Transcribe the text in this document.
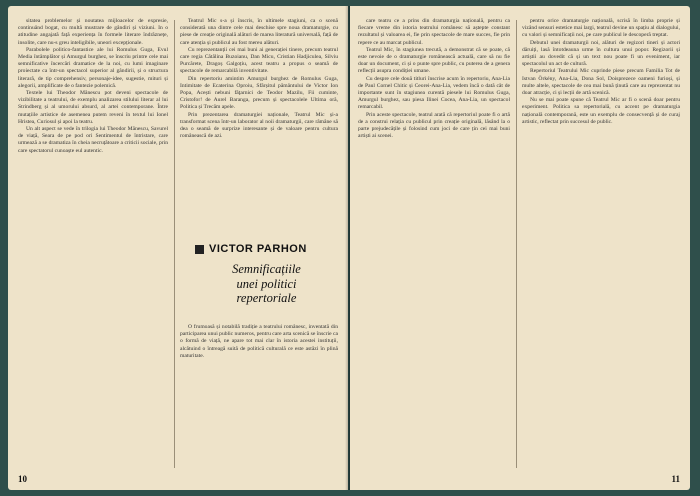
sitatea problemelor și noutatea mijloacelor de expresie, continuând bogat, cu multă mustrare de gândiri și viziuni. In o atitudine angajată față experiența în formele literare îndrăznețe, insolite, care nu-s greu inteligibile, uneori excepționale.

Parabolele politico-fantastice ale lui Romulus Guga, Evul Media întâmplător și Amurgul burghez, se înscriu printre cele mai semnificative încercări dramatice de la noi, cu lumi imaginare proiectate ca într-un spectacol superior al gândirii, și o structura literară, de tip comprehensiv, personaje-idee, sugestie, mituri și alegorii, amplificate de o fantezie polemică.

Textele lui Theodor Mănescu pot deveni spectacole de vizibilitate a teatrului, de exemplu analizarea stilului literar al lui Strindberg și al umorului absurd, al artei contemporane. Între mutațiile artistice de asemenea putem reveni în textul lui Ionel Hristea, Curiosul și apoi la teatru.

Un alt aspect se vede în trilogia lui Theodor Mănescu, Savurel de viață, Seara de pe pod ori Sentimentul de întristare, care urmează a se dramatiza în cheia necruțătoare a criticii sociale, prin care spectatorul cunoaște eul autentic.

Teatrul Mic s-a și înscris, în ultimele stagiuni, ca o scenă considerată una dintre cele mai deschise spre noua dramaturgie, cu piese de creație originală alături de marea literatură universală, față de care atenția și publicul au fost mereu alături.

Cu reprezentanții cei mai buni ai generației tinere, precum teatrul care regia Cătălina Buzoianu, Dan Micu, Cristian Hadjiculea, Silviu Purcărete, Dragoș Galgoțiu, acest teatru a propus o seamă de spectacole de remarcabilă inventivitate.

Din repertoriu amintim Amurgul burghez de Romulus Guga, Intimitate de Ecaterina Oproiu, Sfârșitul pământului de Victor Ion Popa, Acești nebuni făţarnici de Teodor Mazilu, Fii cuminte, Cristofor! de Aurel Baranga, precum și spectacolele Ultima oră, Politica și Trecăm apele.

Prin prezentarea dramaturgiei naționale, Teatrul Mic și-a transformat scena într-un laborator al noii dramaturgii, care rămâne să dea o seamă de surprize interesante și de valoare pentru cultura românească de azi.

VICTOR PARHON
Semnificațiile
unei politici
repertoriale

O frumoasă și notabilă tradiție a teatrului românesc, inventată din participarea unui public numeros, pentru care arta scenică se înscrie ca o formă de viață, ne apare tot mai clar în istoria acestei instituții, alcătuind o întreagă suită de politică culturală ce este astăzi în plină maturitate.

10

care teatru ce a prins din dramaturgia națională, pentru ca fiecare vreme din istoria teatrului românesc să aștepte constant rezultatul și valoarea ei, fie prin spectacole de mare succes, fie prin repere ce au marcat publicul.

Teatrul Mic, în stagiunea trecută, a demonstrat că se poate, că este nevoie de o dramaturgie românească actuală, care să nu fie doar un document, ci și o punte spre public, cu puterea de a genera reflecții asupra condiției umane.

Cu despre cele două titluri înscrise acum în repertoriu, Ana-Lia de Paul Cornel Chitic și Ceorei-Ana-Lia, vedem încă o dată cât de importante sunt în stagiunea curentă piesele lui Romulus Guga, Amurgul burghez, sau piesa Ilinei Cocea, Ana-Lia, un spectacol remarcabil.

Prin aceste spectacole, teatrul arată că repertoriul poate fi o artă de a construi relația cu publicul prin creație originală, lăsând la o parte prejudecățile și folosind cum joci de care țin cei mai buni artiști ai scenei.

pentru orice dramaturgie națională, scrisă în limba proprie și vizând sensuri estetice mai largi, teatrul devine un spațiu al dialogului, cu valori și semnificații noi, pe care publicul le descoperă treptat.

Debutul unei dramaturgii noi, alături de regizori tineri și actori dăruiți, lasă întotdeauna urme în cultura unui popor. Regizorii și artiștii au dovedit că și un text nou poate fi un eveniment, iar spectacolul un act de cultură.

Repertoriul Teatrului Mic cuprinde piese precum Familia Tot de Istvan Örkény, Ana-Lia, Dona Sol, Doisprezece oameni furioși, și multe altele, spectacole de cea mai bună ținută care au reprezentat nu doar atracție, ci și lecții de artă scenică.

Nu se mai poate spune că Teatrul Mic ar fi o scenă doar pentru experiment. Politica sa repertorială, cu accent pe dramaturgia națională contemporană, este un exemplu de consecvență și de curaj artistic, reflectat prin succesul de public.

11
